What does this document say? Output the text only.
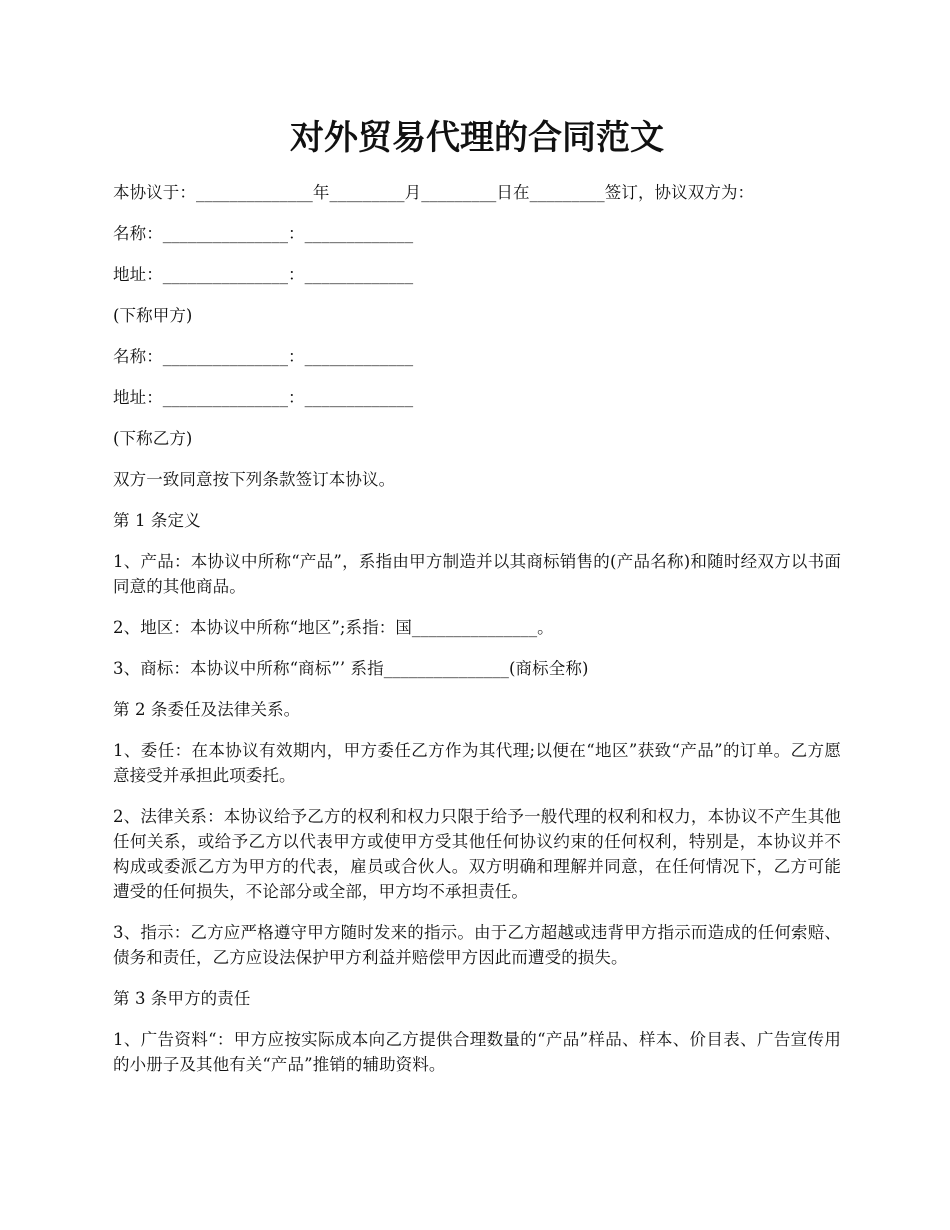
对外贸易代理的合同范文

本协议于：______________年_________月_________日在_________签订，协议双方为：

名称：_______________：_____________

地址：_______________：_____________

(下称甲方)

名称：_______________：_____________

地址：_______________：_____________

(下称乙方)

双方一致同意按下列条款签订本协议。

第 1 条定义

1、产品：本协议中所称“产品”，系指由甲方制造并以其商标销售的(产品名称)和随时经双方以书面同意的其他商品。

2、地区：本协议中所称“地区”;系指：国_______________。

3、商标：本协议中所称“商标”’ 系指_______________(商标全称)

第 2 条委任及法律关系。

1、委任：在本协议有效期内，甲方委任乙方作为其代理;以便在“地区”获致“产品”的订单。乙方愿意接受并承担此项委托。

2、法律关系：本协议给予乙方的权利和权力只限于给予一般代理的权利和权力，本协议不产生其他任何关系，或给予乙方以代表甲方或使甲方受其他任何协议约束的任何权利，特别是，本协议并不构成或委派乙方为甲方的代表，雇员或合伙人。双方明确和理解并同意，在任何情况下，乙方可能遭受的任何损失，不论部分或全部，甲方均不承担责任。

3、指示：乙方应严格遵守甲方随时发来的指示。由于乙方超越或违背甲方指示而造成的任何索赔、债务和责任，乙方应设法保护甲方利益并赔偿甲方因此而遭受的损失。

第 3 条甲方的责任

1、广告资料“：甲方应按实际成本向乙方提供合理数量的“产品”样品、样本、价目表、广告宣传用的小册子及其他有关“产品”推销的辅助资料。
